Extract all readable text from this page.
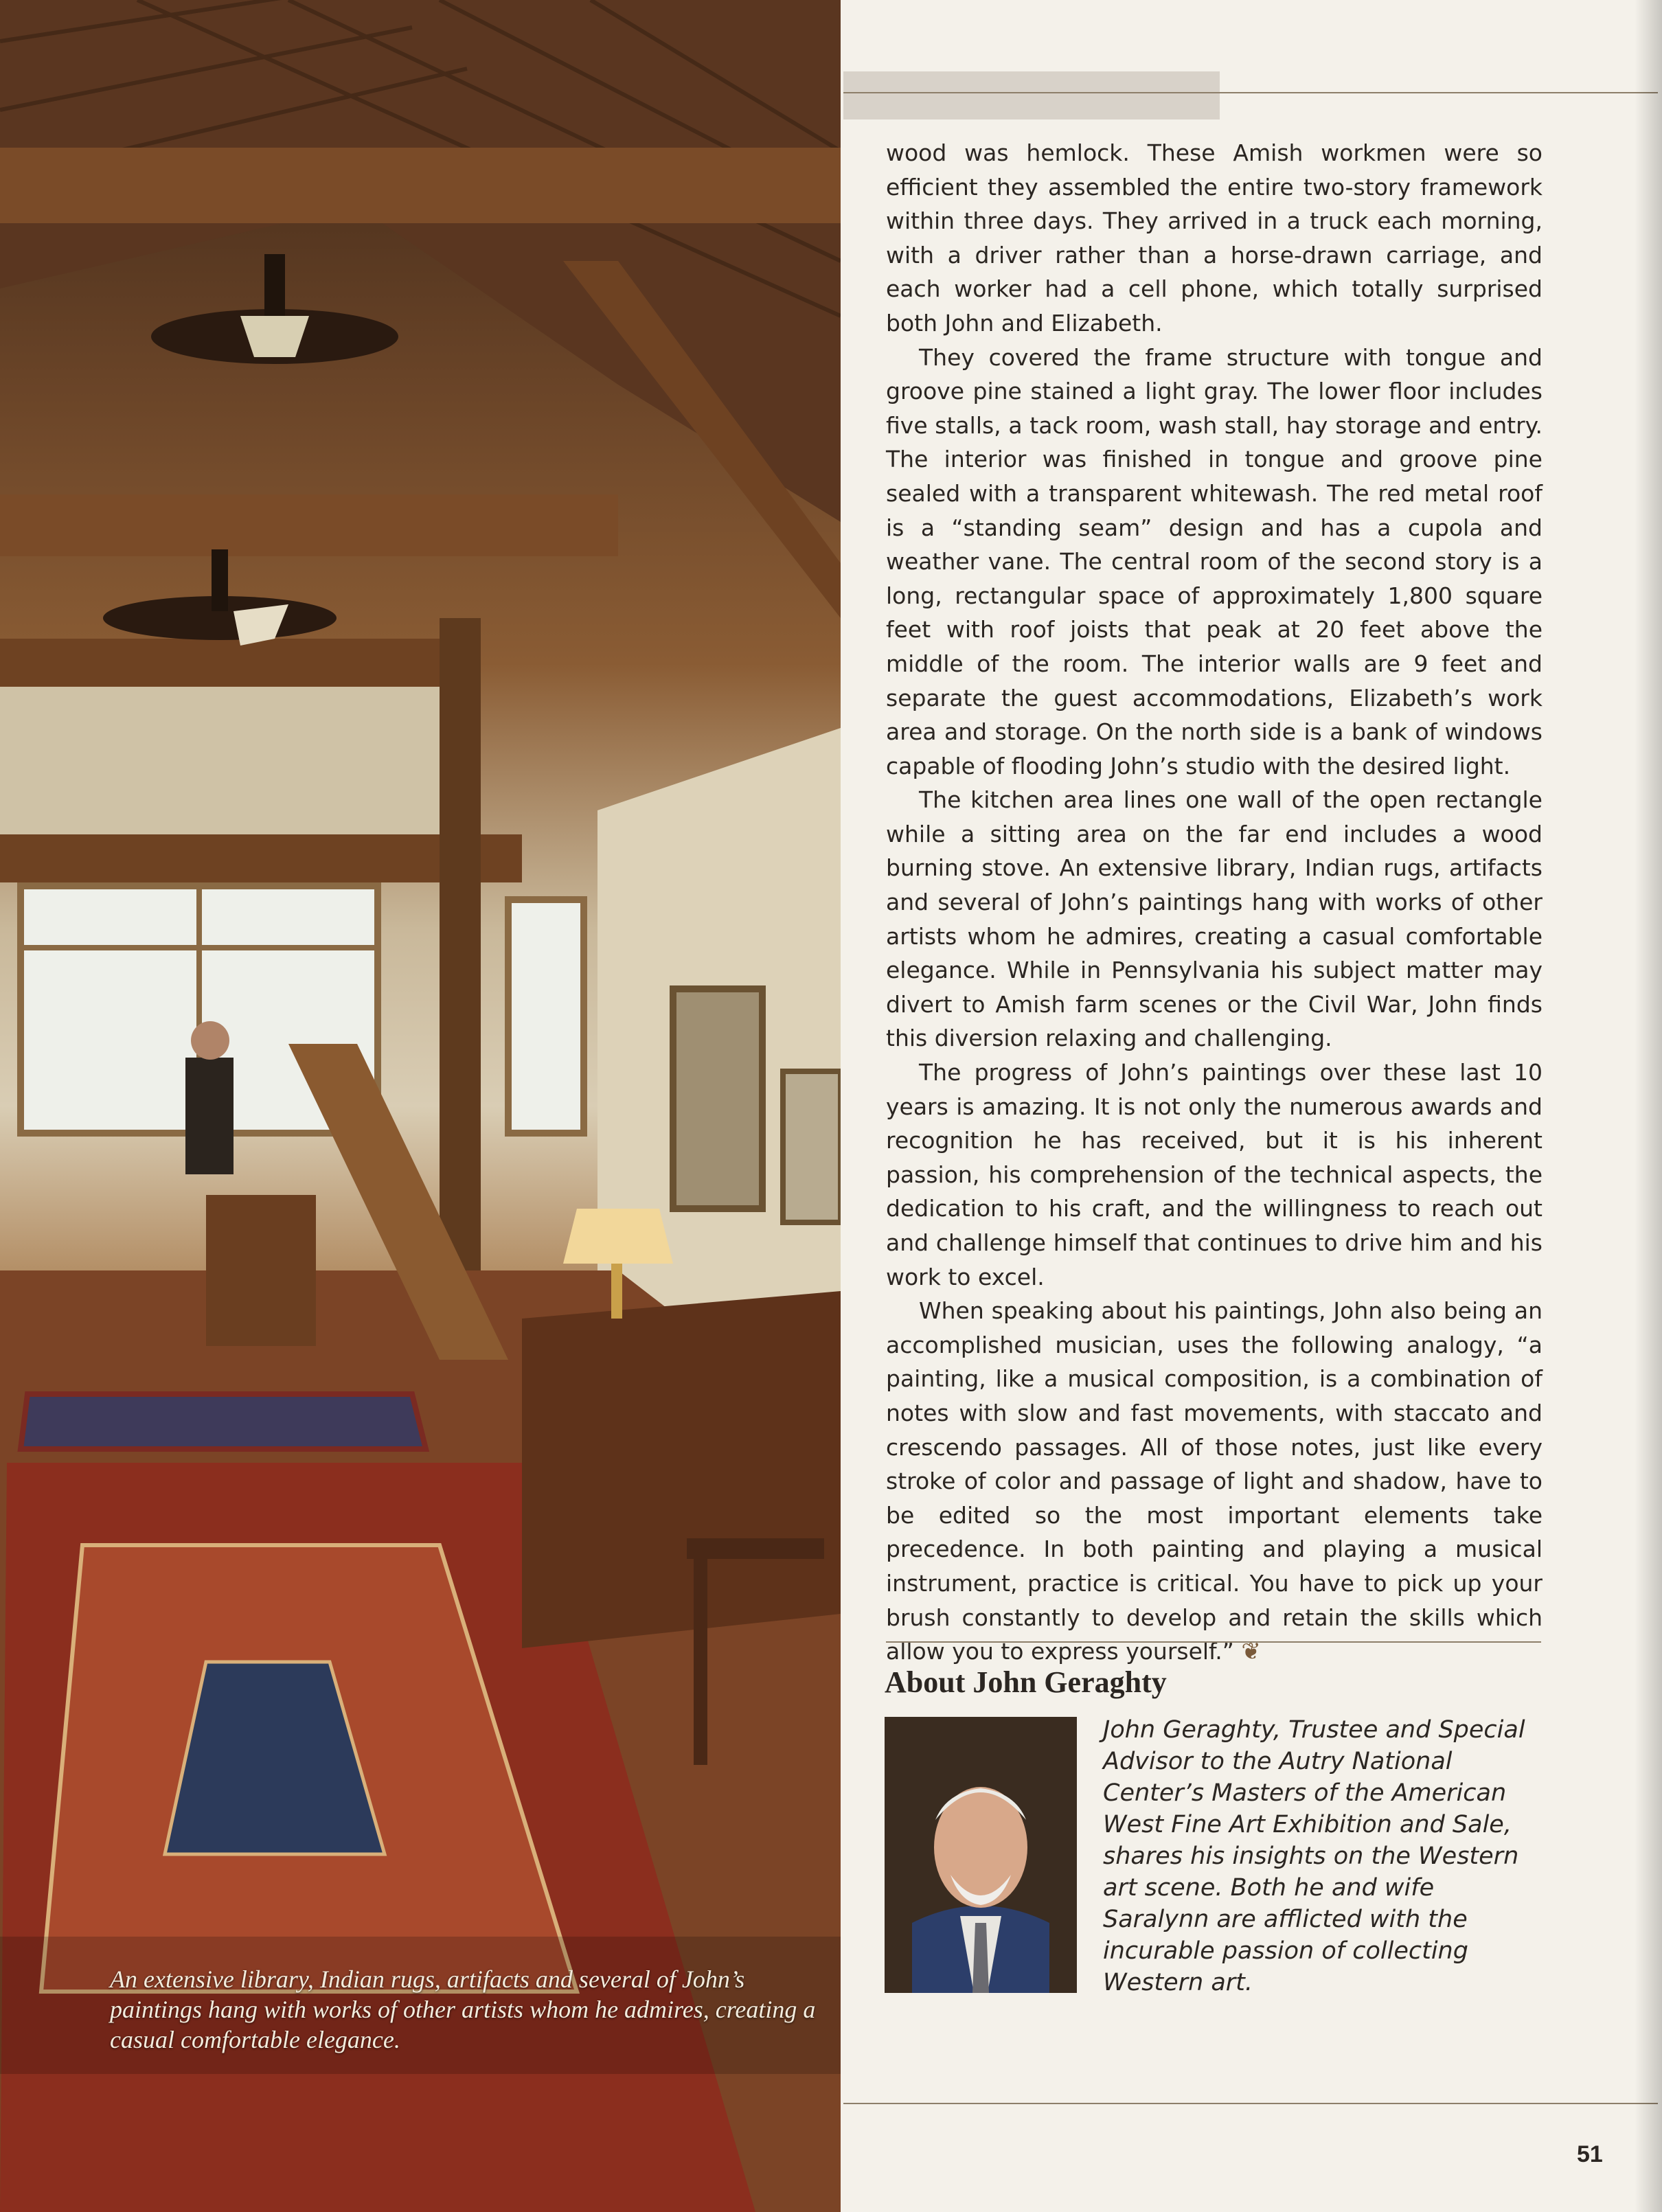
An extensive library, Indian rugs, artifacts and several of John’s paintings hang with works of other artists whom he admires, creating a casual comfortable elegance.

wood was hemlock. These Amish workmen were so efficient they assembled the entire two-story framework within three days. They arrived in a truck each morning, with a driver rather than a horse-drawn carriage, and each worker had a cell phone, which totally surprised both John and Elizabeth.

They covered the frame structure with tongue and groove pine stained a light gray. The lower floor includes five stalls, a tack room, wash stall, hay storage and entry. The interior was finished in tongue and groove pine sealed with a transparent whitewash. The red metal roof is a “standing seam” design and has a cupola and weather vane. The central room of the second story is a long, rectangular space of approximately 1,800 square feet with roof joists that peak at 20 feet above the middle of the room. The interior walls are 9 feet and separate the guest accommodations, Elizabeth’s work area and storage. On the north side is a bank of windows capable of flooding John’s studio with the desired light.

The kitchen area lines one wall of the open rectangle while a sitting area on the far end includes a wood burning stove. An extensive library, Indian rugs, artifacts and several of John’s paintings hang with works of other artists whom he admires, creating a casual comfortable elegance. While in Pennsylvania his subject matter may divert to Amish farm scenes or the Civil War, John finds this diversion relaxing and challenging.

The progress of John’s paintings over these last 10 years is amazing. It is not only the numerous awards and recognition he has received, but it is his inherent passion, his comprehension of the technical aspects, the dedication to his craft, and the willingness to reach out and challenge himself that continues to drive him and his work to excel.

When speaking about his paintings, John also being an accomplished musician, uses the following analogy, “a painting, like a musical composition, is a combination of notes with slow and fast movements, with staccato and crescendo passages. All of those notes, just like every stroke of color and passage of light and shadow, have to be edited so the most important elements take precedence. In both painting and playing a musical instrument, practice is critical. You have to pick up your brush constantly to develop and retain the skills which allow you to express yourself.” ❦

About John Geraghty
John Geraghty, Trustee and Special Advisor to the Autry National Center’s Masters of the American West Fine Art Exhibition and Sale, shares his insights on the Western art scene. Both he and wife Saralynn are afflicted with the incurable passion of collecting Western art.
51
